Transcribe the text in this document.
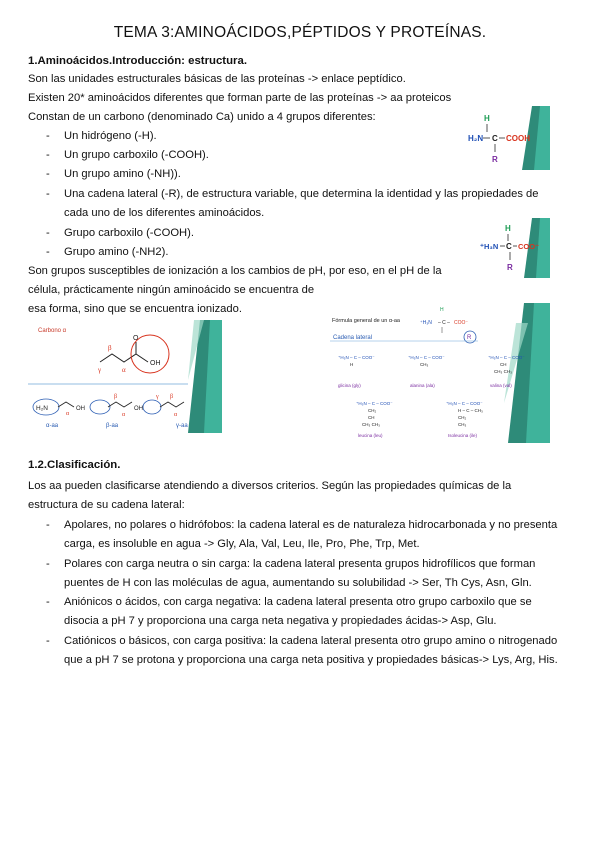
TEMA 3:AMINOÁCIDOS,PÉPTIDOS Y PROTEÍNAS.
1.Aminoácidos.Introducción: estructura.
Son las unidades estructurales básicas de las proteínas -> enlace peptídico.
Existen 20* aminoácidos diferentes que forman parte de las proteínas -> aa proteicos
Constan de un carbono (denominado Ca) unido a 4 grupos diferentes:
- Un hidrógeno (-H).
- Un grupo carboxilo (-COOH).
- Un grupo amino (-NH)).
- Una cadena lateral (-R), de estructura variable, que determina la identidad y las propiedades de
cada uno de los diferentes aminoácidos.
- Grupo carboxilo (-COOH).
- Grupo amino (-NH2).
Son grupos susceptibles de ionización a los cambios de pH, por eso, en el pH de la
célula, prácticamente ningún aminoácido se encuentra de
esa forma, sino que se encuentra ionizado.
H
H₂N C COOH
R
H
⁺H₃N C COO⁻
R
Carbono α
O
OH
β
α
γ
H₂N	OH
α
α-aa
OH
β
α
β-aa
γ β
α
γ-aa
Fórmula general de un α-aa
H
⁺H₃N – C – COO⁻
R
Cadena lateral
⁺H₃N – C – COO⁻
H
glicina (gly)
⁺H₃N – C – COO⁻
CH₃
alanina (ala)
⁺H₃N – C – COO⁻
CH
CH₃ CH₃
valina (val)
⁺H₃N – C – COO⁻
CH₂
CH
CH₃ CH₃
leucina (leu)
⁺H₃N – C – COO⁻
H – C – CH₃
CH₂
CH₃
Isoleucina (ile)
1.2.Clasificación.
Los aa pueden clasificarse atendiendo a diversos criterios. Según las propiedades químicas de la
estructura de su cadena lateral:
- Apolares, no polares o hidrófobos: la cadena lateral es de naturaleza hidrocarbonada y no presenta
carga, es insoluble en agua -> Gly, Ala, Val, Leu, Ile, Pro, Phe, Trp, Met.
- Polares con carga neutra o sin carga: la cadena lateral presenta grupos hidrofílicos que forman
puentes de H con las moléculas de agua, aumentando su solubilidad -> Ser, Th Cys, Asn, Gln.
- Aniónicos o ácidos, con carga negativa: la cadena lateral presenta otro grupo carboxilo que se
disocia a pH 7 y proporciona una carga neta negativa y propiedades ácidas-> Asp, Glu.
- Catiónicos o básicos, con carga positiva: la cadena lateral presenta otro grupo amino o nitrogenado
que a pH 7 se protona y proporciona una carga neta positiva y propiedades básicas-> Lys, Arg, His.
